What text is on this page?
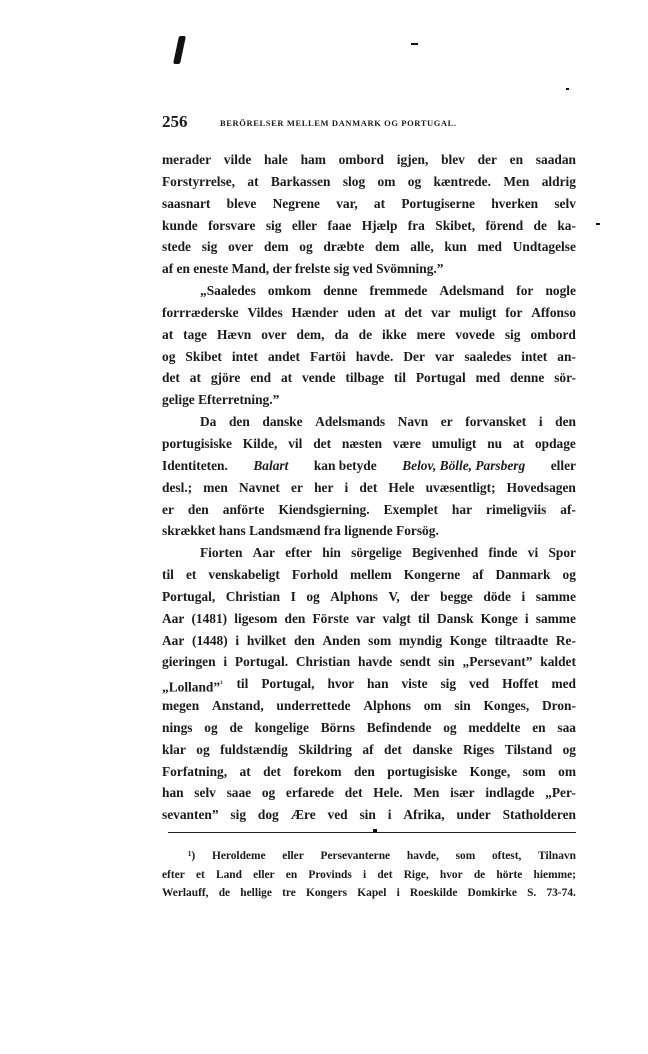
256	BERÖRELSER MELLEM DANMARK OG PORTUGAL.
merader vilde hale ham ombord igjen, blev der en saadan
Forstyrrelse, at Barkassen slog om og kæntrede. Men aldrig
saasnart bleve Negrene var, at Portugiserne hverken selv
kunde forsvare sig eller faae Hjælp fra Skibet, förend de ka-
stede sig over dem og dræbte dem alle, kun med Undtagelse
af en eneste Mand, der frelste sig ved Svömning.”
„Saaledes omkom denne fremmede Adelsmand for nogle
forrræderske Vildes Hænder uden at det var muligt for Affonso
at tage Hævn over dem, da de ikke mere vovede sig ombord
og Skibet intet andet Fartöi havde. Der var saaledes intet an-
det at gjöre end at vende tilbage til Portugal med denne sör-
gelige Efterretning.”
Da den danske Adelsmands Navn er forvansket i den
portugisiske Kilde, vil det næsten være umuligt nu at opdage
Identiteten. Balart kan betyde Belov, Bölle, Parsberg eller
desl.; men Navnet er her i det Hele uvæsentligt; Hovedsagen
er den anförte Kiendsgierning. Exemplet har rimeligviis af-
skrækket hans Landsmænd fra lignende Forsög.
Fiorten Aar efter hin sörgelige Begivenhed finde vi Spor
til et venskabeligt Forhold mellem Kongerne af Danmark og
Portugal, Christian I og Alphons V, der begge döde i samme
Aar (1481) ligesom den Förste var valgt til Dansk Konge i samme
Aar (1448) i hvilket den Anden som myndig Konge tiltraadte Re-
gieringen i Portugal. Christian havde sendt sin „Persevant” kaldet
„Lolland”$^{^1}$ til Portugal, hvor han viste sig ved Hoffet med
megen Anstand, underrettede Alphons om sin Konges, Dron-
nings og de kongelige Börns Befindende og meddelte en saa
klar og fuldstændig Skildring af det danske Riges Tilstand og
Forfatning, at det forekom den portugisiske Konge, som om
han selv saae og erfarede det Hele. Men især indlagde „Per-
sevanten” sig dog Ære ved sin i Afrika, under Statholderen
¹) Heroldeme eller Persevanterne havde, som oftest, Tilnavn
efter et Land eller en Provinds i det Rige, hvor de hörte hiemme;
Werlauff, de hellige tre Kongers Kapel i Roeskilde Domkirke S. 73-74.
